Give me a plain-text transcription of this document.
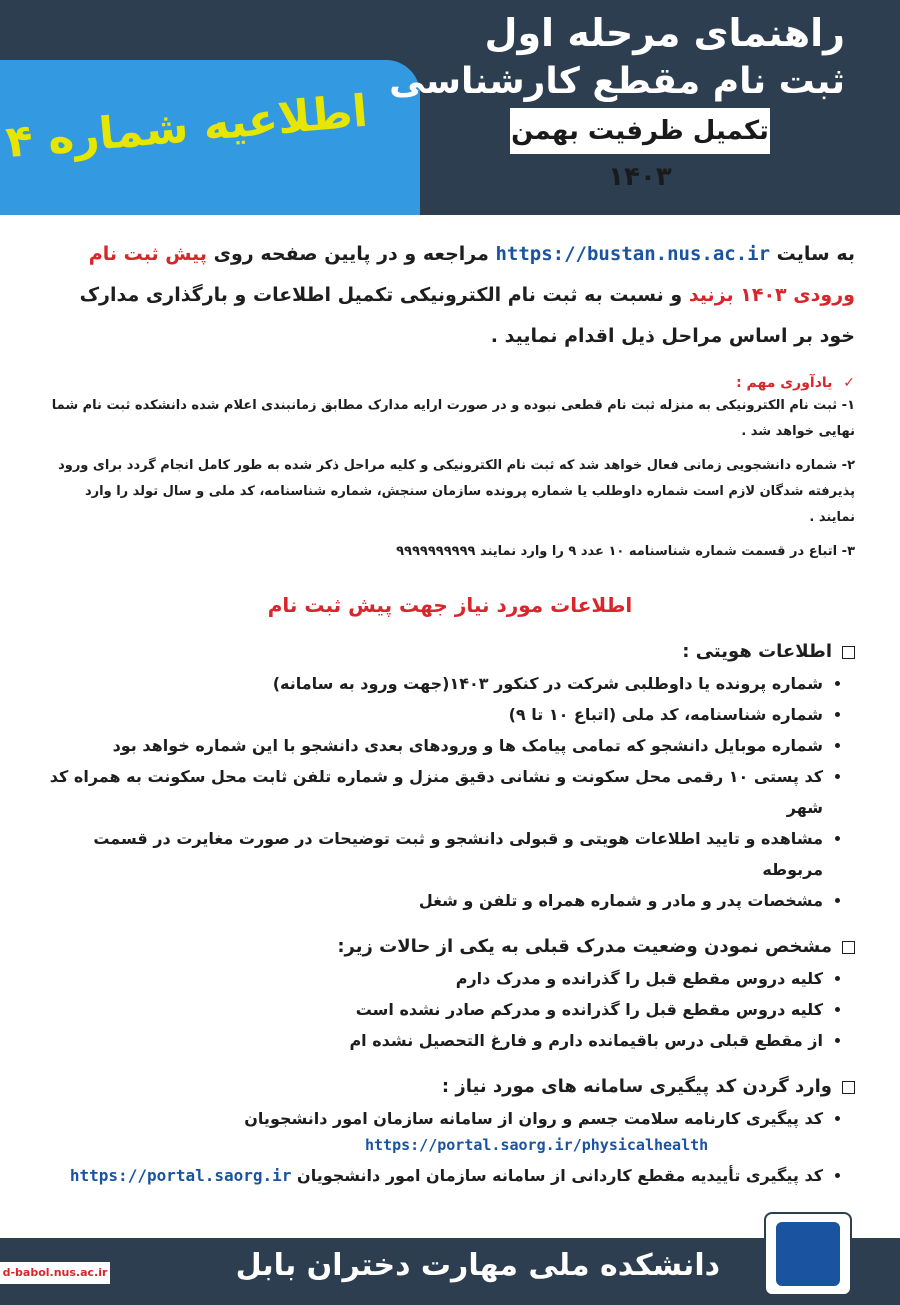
اطلاعیه شماره ۴
راهنمای مرحله اول
ثبت نام مقطع کارشناسی
تکمیل ظرفیت بهمن ۱۴۰۳
به سایت https://bustan.nus.ac.ir مراجعه و در پایین صفحه روی پیش ثبت نام ورودی ۱۴۰۳ بزنید و نسبت به ثبت نام الکترونیکی تکمیل اطلاعات و بارگذاری مدارک خود بر اساس مراحل ذیل اقدام نمایید .
✓ یادآوری مهم :

۱- ثبت نام الکترونیکی به منزله ثبت نام قطعی نبوده و در صورت ارایه مدارک مطابق زمانبندی اعلام شده دانشکده ثبت نام شما نهایی خواهد شد .

۲- شماره دانشجویی زمانی فعال خواهد شد که ثبت نام الکترونیکی و کلیه مراحل ذکر شده به طور کامل انجام گردد برای ورود پذیرفته شدگان لازم است شماره داوطلب یا شماره پرونده سازمان سنجش، شماره شناسنامه، کد ملی و سال تولد را وارد نمایند .

۳- اتباع در قسمت شماره شناسنامه ۱۰ عدد ۹ را وارد نمایند ۹۹۹۹۹۹۹۹۹۹

اطلاعات مورد نیاز جهت پیش ثبت نام
اطلاعات هویتی :
• شماره پرونده یا داوطلبی شرکت در کنکور ۱۴۰۳(جهت ورود به سامانه)
• شماره شناسنامه، کد ملی (اتباع ۱۰ تا ۹)
• شماره موبایل دانشجو که تمامی پیامک ها و ورودهای بعدی دانشجو با این شماره خواهد بود
• کد پستی ۱۰ رقمی محل سکونت و نشانی دقیق منزل و شماره تلفن ثابت محل سکونت به همراه کد شهر
• مشاهده و تایید اطلاعات هویتی و قبولی دانشجو و ثبت توضیحات در صورت مغایرت در قسمت مربوطه
• مشخصات پدر و مادر و شماره همراه و تلفن و شغل
مشخص نمودن وضعیت مدرک قبلی به یکی از حالات زیر:
• کلیه دروس مقطع قبل را گذرانده و مدرک دارم
• کلیه دروس مقطع قبل را گذرانده و مدرکم صادر نشده است
• از مقطع قبلی درس باقیمانده دارم و فارغ التحصیل نشده ام
وارد گردن کد پیگیری سامانه های مورد نیاز :
• کد پیگیری کارنامه سلامت جسم و روان از سامانه سازمان امور دانشجویان
https://portal.saorg.ir/physicalhealth
• کد پیگیری تأییدیه مقطع کاردانی از سامانه سازمان امور دانشجویان https://portal.saorg.ir
دانشکده ملی مهارت دختران بابل
d-babol.nus.ac.ir
